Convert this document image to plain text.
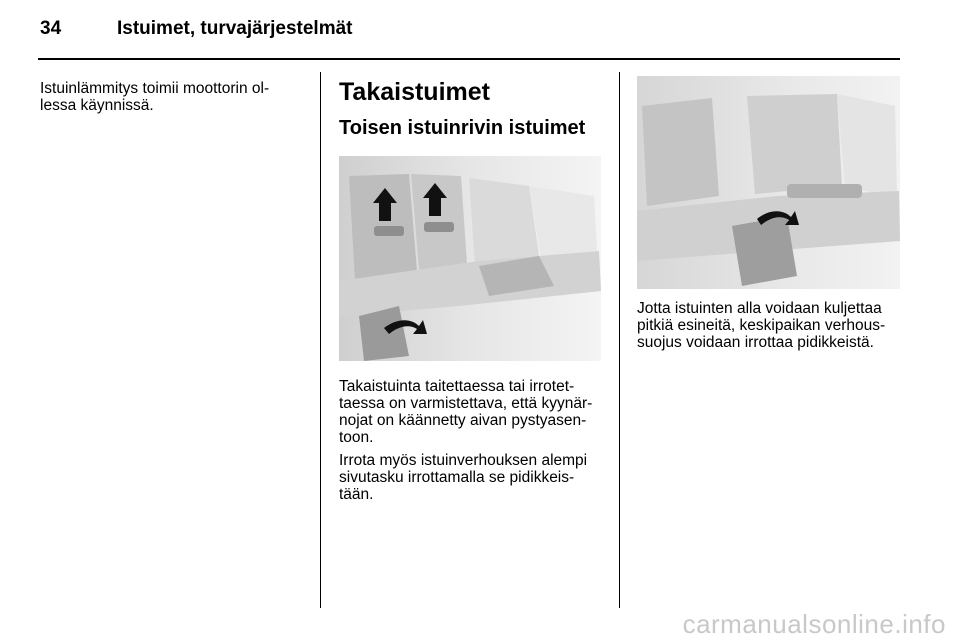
34	Istuimet, turvajärjestelmät

Istuinlämmitys toimii moottorin ol-
lessa käynnissä.	Takaistuimet
Toisen istuinrivin istuimet

Takaistuinta taitettaessa tai irrotet-
taessa on varmistettava, että kyynär-
nojat on käännetty aivan pystyasen-
toon.

Irrota myös istuinverhouksen alempi
sivutasku irrottamalla se pidikkeis-
tään.

Jotta istuinten alla voidaan kuljettaa
pitkiä esineitä, keskipaikan verhous-
suojus voidaan irrottaa pidikkeistä.

carmanualsonline.info
